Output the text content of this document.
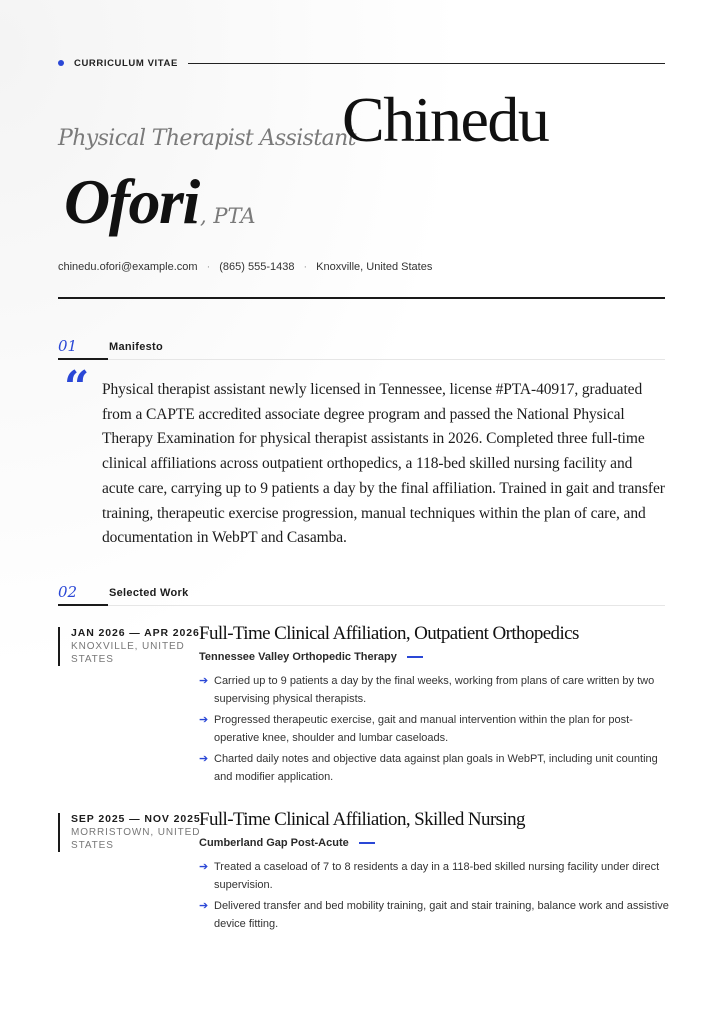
CURRICULUM VITAE
Physical Therapist Assistant
Chinedu
Ofori , PTA
chinedu.ofori@example.com · (865) 555-1438 · Knoxville, United States
01	Manifesto
“ Physical therapist assistant newly licensed in Tennessee, license #PTA-40917, graduated from a CAPTE accredited associate degree program and passed the National Physical Therapy Examination for physical therapist assistants in 2026. Completed three full-time clinical affiliations across outpatient orthopedics, a 118-bed skilled nursing facility and acute care, carrying up to 9 patients a day by the final affiliation. Trained in gait and transfer training, therapeutic exercise progression, manual techniques within the plan of care, and documentation in WebPT and Casamba.
02	Selected Work
JAN 2026 — APR 2026
KNOXVILLE, UNITED STATES
Full-Time Clinical Affiliation, Outpatient Orthopedics
Tennessee Valley Orthopedic Therapy
➔ Carried up to 9 patients a day by the final weeks, working from plans of care written by two supervising physical therapists.
➔ Progressed therapeutic exercise, gait and manual intervention within the plan for post-operative knee, shoulder and lumbar caseloads.
➔ Charted daily notes and objective data against plan goals in WebPT, including unit counting and modifier application.
SEP 2025 — NOV 2025
MORRISTOWN, UNITED STATES
Full-Time Clinical Affiliation, Skilled Nursing
Cumberland Gap Post-Acute
➔ Treated a caseload of 7 to 8 residents a day in a 118-bed skilled nursing facility under direct supervision.
➔ Delivered transfer and bed mobility training, gait and stair training, balance work and assistive device fitting.
